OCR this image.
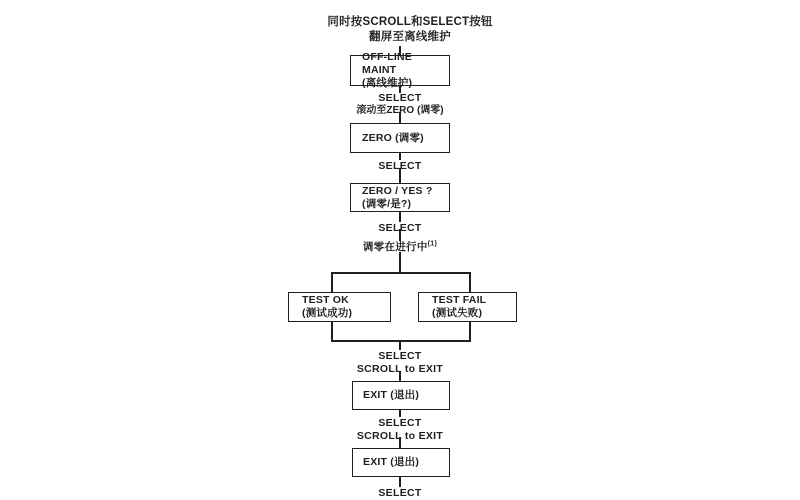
同时按SCROLL和SELECT按钮
翻屏至离线维护
OFF-LINE MAINT
(离线维护)
ZERO (调零)
ZERO / YES ?
(调零/是?)
TEST OK
(测试成功)
TEST FAIL
(测试失败)
EXIT (退出)
EXIT (退出)
SELECT
滚动至ZERO (调零)
SELECT
SELECT
调零在进行中$^{(1)}$
SELECT
SCROLL to EXIT
SELECT
SCROLL to EXIT
SELECT
